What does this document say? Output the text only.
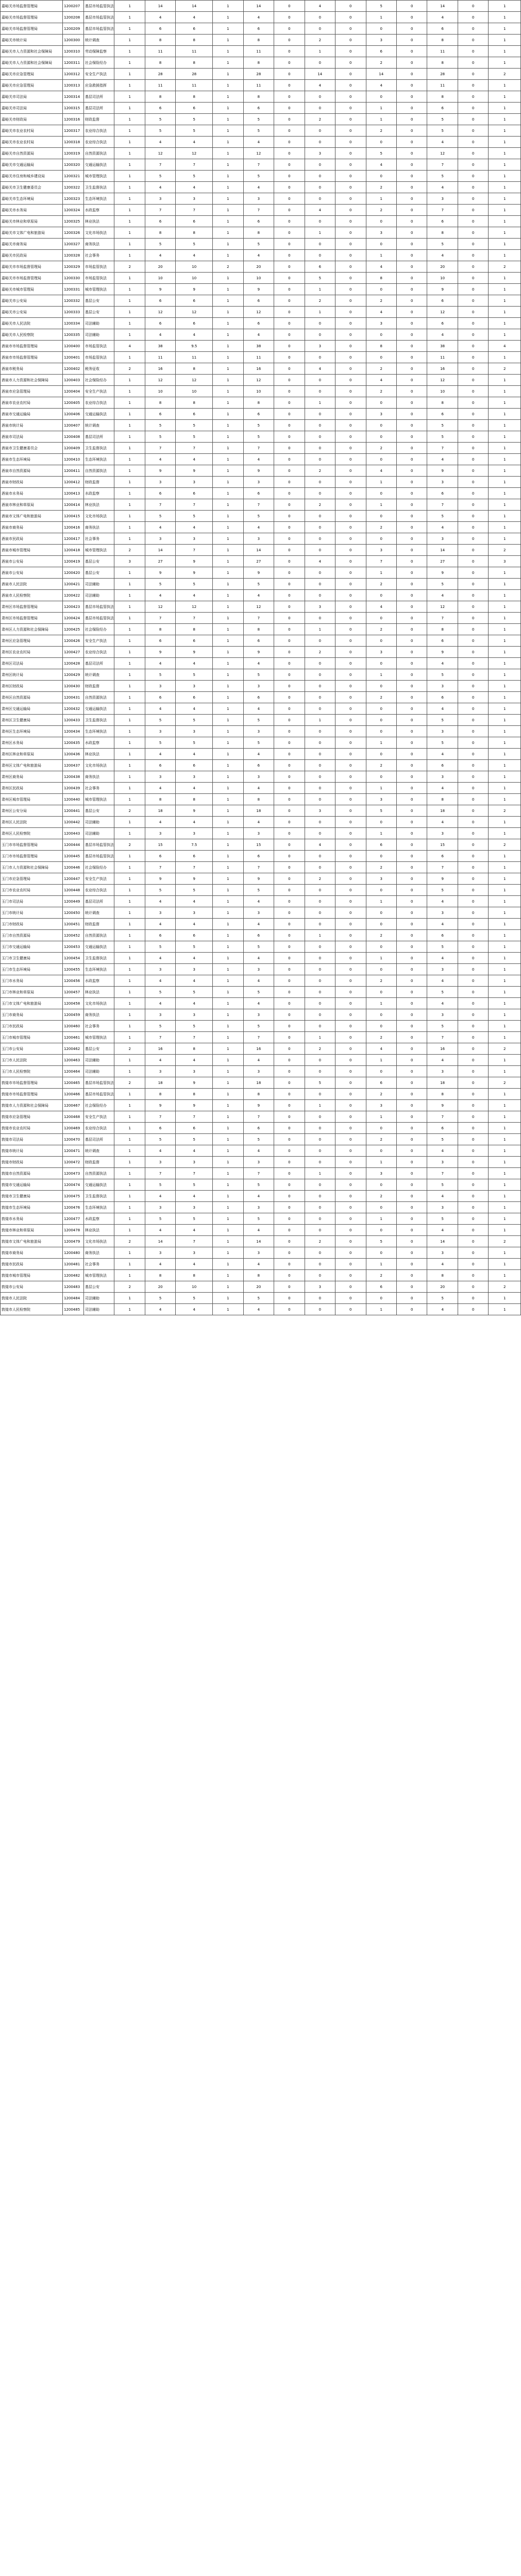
嘉峪关市场监督管理局	1200207	基层市场监管执法	1	14	14	1	14	0	4	0	5	0	14	0	1
嘉峪关市场监督管理局	1200208	基层市场监管执法	1	4	4	1	4	0	0	0	1	0	4	0	1
嘉峪关市场监督管理局	1200209	基层市场监管执法	1	6	6	1	6	0	0	0	0	0	6	0	1
嘉峪关市统计局	1200300	统计调查	1	8	8	1	8	0	2	0	3	0	8	0	1
嘉峪关市人力资源和社会保障局	1200310	劳动保障监察	1	11	11	1	11	0	1	0	6	0	11	0	1
嘉峪关市人力资源和社会保障局	1200311	社会保险经办	1	8	8	1	8	0	0	0	2	0	8	0	1
嘉峪关市应急管理局	1200312	安全生产执法	1	28	28	1	28	0	14	0	14	0	28	0	2
嘉峪关市应急管理局	1200313	应急救援指挥	1	11	11	1	11	0	4	0	4	0	11	0	1
嘉峪关市司法局	1200314	基层司法所	1	8	8	1	8	0	0	0	0	0	8	0	1
嘉峪关市司法局	1200315	基层司法所	1	6	6	1	6	0	0	0	1	0	6	0	1
嘉峪关市财政局	1200316	财政监督	1	5	5	1	5	0	2	0	1	0	5	0	1
嘉峪关市农业农村局	1200317	农业综合执法	1	5	5	1	5	0	0	0	2	0	5	0	1
嘉峪关市农业农村局	1200318	农业综合执法	1	4	4	1	4	0	0	0	0	0	4	0	1
嘉峪关市自然资源局	1200319	自然资源执法	1	12	12	1	12	0	3	0	5	0	12	0	1
嘉峪关市交通运输局	1200320	交通运输执法	1	7	7	1	7	0	0	0	4	0	7	0	1
嘉峪关市住房和城乡建设局	1200321	城市管理执法	1	5	5	1	5	0	0	0	0	0	5	0	1
嘉峪关市卫生健康委员会	1200322	卫生监督执法	1	4	4	1	4	0	0	0	2	0	4	0	1
嘉峪关市生态环境局	1200323	生态环境执法	1	3	3	1	3	0	0	0	1	0	3	0	1
嘉峪关市水务局	1200324	水政监察	1	7	7	1	7	0	4	0	2	0	7	0	1
嘉峪关市林业和草原局	1200325	林业执法	1	6	6	1	6	0	0	0	0	0	6	0	1
嘉峪关市文体广电和旅游局	1200326	文化市场执法	1	8	8	1	8	0	1	0	3	0	8	0	1
嘉峪关市商务局	1200327	商务执法	1	5	5	1	5	0	0	0	0	0	5	0	1
嘉峪关市民政局	1200328	社会事务	1	4	4	1	4	0	0	0	1	0	4	0	1
嘉峪关市市场监督管理局	1200329	市场监管执法	2	20	10	2	20	0	6	0	4	0	20	0	2
嘉峪关市市场监督管理局	1200330	市场监管执法	1	10	10	1	10	0	5	0	8	0	10	0	1
嘉峪关市城市管理局	1200331	城市管理执法	1	9	9	1	9	0	1	0	0	0	9	0	1
嘉峪关市公安局	1200332	基层公安	1	6	6	1	6	0	2	0	2	0	6	0	1
嘉峪关市公安局	1200333	基层公安	1	12	12	1	12	0	1	0	4	0	12	0	1
嘉峪关市人民法院	1200334	司法辅助	1	6	6	1	6	0	0	0	3	0	6	0	1
嘉峪关市人民检察院	1200335	司法辅助	1	4	4	1	4	0	0	0	0	0	4	0	1
酒泉市市场监督管理局	1200400	市场监管执法	4	38	9.5	1	38	0	3	0	8	0	38	0	4
酒泉市市场监督管理局	1200401	市场监管执法	1	11	11	1	11	0	0	0	0	0	11	0	1
酒泉市税务局	1200402	税务征收	2	16	8	1	16	0	4	0	2	0	16	0	2
酒泉市人力资源和社会保障局	1200403	社会保险经办	1	12	12	1	12	0	0	0	4	0	12	0	1
酒泉市应急管理局	1200404	安全生产执法	1	10	10	1	10	0	0	0	2	0	10	0	1
酒泉市农业农村局	1200405	农业综合执法	1	8	8	1	8	0	1	0	0	0	8	0	1
酒泉市交通运输局	1200406	交通运输执法	1	6	6	1	6	0	0	0	3	0	6	0	1
酒泉市统计局	1200407	统计调查	1	5	5	1	5	0	0	0	0	0	5	0	1
酒泉市司法局	1200408	基层司法所	1	5	5	1	5	0	0	0	0	0	5	0	1
酒泉市卫生健康委员会	1200409	卫生监督执法	1	7	7	1	7	0	0	0	2	0	7	0	1
酒泉市生态环境局	1200410	生态环境执法	1	4	4	1	4	0	0	0	0	0	4	0	1
酒泉市自然资源局	1200411	自然资源执法	1	9	9	1	9	0	2	0	4	0	9	0	1
酒泉市财政局	1200412	财政监督	1	3	3	1	3	0	0	0	1	0	3	0	1
酒泉市水务局	1200413	水政监察	1	6	6	1	6	0	0	0	0	0	6	0	1
酒泉市林业和草原局	1200414	林业执法	1	7	7	1	7	0	2	0	1	0	7	0	1
酒泉市文体广电和旅游局	1200415	文化市场执法	1	5	5	1	5	0	0	0	0	0	5	0	1
酒泉市商务局	1200416	商务执法	1	4	4	1	4	0	0	0	2	0	4	0	1
酒泉市民政局	1200417	社会事务	1	3	3	1	3	0	0	0	0	0	3	0	1
酒泉市城市管理局	1200418	城市管理执法	2	14	7	1	14	0	0	0	3	0	14	0	2
酒泉市公安局	1200419	基层公安	3	27	9	1	27	0	4	0	7	0	27	0	3
酒泉市公安局	1200420	基层公安	1	9	9	1	9	0	0	0	1	0	9	0	1
酒泉市人民法院	1200421	司法辅助	1	5	5	1	5	0	0	0	2	0	5	0	1
酒泉市人民检察院	1200422	司法辅助	1	4	4	1	4	0	0	0	0	0	4	0	1
肃州区市场监督管理局	1200423	基层市场监管执法	1	12	12	1	12	0	3	0	4	0	12	0	1
肃州区市场监督管理局	1200424	基层市场监管执法	1	7	7	1	7	0	0	0	0	0	7	0	1
肃州区人力资源和社会保障局	1200425	社会保险经办	1	8	8	1	8	0	1	0	2	0	8	0	1
肃州区应急管理局	1200426	安全生产执法	1	6	6	1	6	0	0	0	0	0	6	0	1
肃州区农业农村局	1200427	农业综合执法	1	9	9	1	9	0	2	0	3	0	9	0	1
肃州区司法局	1200428	基层司法所	1	4	4	1	4	0	0	0	0	0	4	0	1
肃州区统计局	1200429	统计调查	1	5	5	1	5	0	0	0	1	0	5	0	1
肃州区财政局	1200430	财政监督	1	3	3	1	3	0	0	0	0	0	3	0	1
肃州区自然资源局	1200431	自然资源执法	1	6	6	1	6	0	0	0	2	0	6	0	1
肃州区交通运输局	1200432	交通运输执法	1	4	4	1	4	0	0	0	0	0	4	0	1
肃州区卫生健康局	1200433	卫生监督执法	1	5	5	1	5	0	1	0	0	0	5	0	1
肃州区生态环境局	1200434	生态环境执法	1	3	3	1	3	0	0	0	0	0	3	0	1
肃州区水务局	1200435	水政监察	1	5	5	1	5	0	0	0	1	0	5	0	1
肃州区林业和草原局	1200436	林业执法	1	4	4	1	4	0	0	0	0	0	4	0	1
肃州区文体广电和旅游局	1200437	文化市场执法	1	6	6	1	6	0	0	0	2	0	6	0	1
肃州区商务局	1200438	商务执法	1	3	3	1	3	0	0	0	0	0	3	0	1
肃州区民政局	1200439	社会事务	1	4	4	1	4	0	0	0	1	0	4	0	1
肃州区城市管理局	1200440	城市管理执法	1	8	8	1	8	0	0	0	3	0	8	0	1
肃州区公安分局	1200441	基层公安	2	18	9	1	18	0	3	0	5	0	18	0	2
肃州区人民法院	1200442	司法辅助	1	4	4	1	4	0	0	0	0	0	4	0	1
肃州区人民检察院	1200443	司法辅助	1	3	3	1	3	0	0	0	1	0	3	0	1
玉门市市场监督管理局	1200444	基层市场监管执法	2	15	7.5	1	15	0	4	0	6	0	15	0	2
玉门市市场监督管理局	1200445	基层市场监管执法	1	6	6	1	6	0	0	0	0	0	6	0	1
玉门市人力资源和社会保障局	1200446	社会保险经办	1	7	7	1	7	0	0	0	2	0	7	0	1
玉门市应急管理局	1200447	安全生产执法	1	9	9	1	9	0	2	0	3	0	9	0	1
玉门市农业农村局	1200448	农业综合执法	1	5	5	1	5	0	0	0	0	0	5	0	1
玉门市司法局	1200449	基层司法所	1	4	4	1	4	0	0	0	1	0	4	0	1
玉门市统计局	1200450	统计调查	1	3	3	1	3	0	0	0	0	0	3	0	1
玉门市财政局	1200451	财政监督	1	4	4	1	4	0	0	0	0	0	4	0	1
玉门市自然资源局	1200452	自然资源执法	1	6	6	1	6	0	1	0	2	0	6	0	1
玉门市交通运输局	1200453	交通运输执法	1	5	5	1	5	0	0	0	0	0	5	0	1
玉门市卫生健康局	1200454	卫生监督执法	1	4	4	1	4	0	0	0	1	0	4	0	1
玉门市生态环境局	1200455	生态环境执法	1	3	3	1	3	0	0	0	0	0	3	0	1
玉门市水务局	1200456	水政监察	1	4	4	1	4	0	0	0	2	0	4	0	1
玉门市林业和草原局	1200457	林业执法	1	5	5	1	5	0	0	0	0	0	5	0	1
玉门市文体广电和旅游局	1200458	文化市场执法	1	4	4	1	4	0	0	0	1	0	4	0	1
玉门市商务局	1200459	商务执法	1	3	3	1	3	0	0	0	0	0	3	0	1
玉门市民政局	1200460	社会事务	1	5	5	1	5	0	0	0	0	0	5	0	1
玉门市城市管理局	1200461	城市管理执法	1	7	7	1	7	0	1	0	2	0	7	0	1
玉门市公安局	1200462	基层公安	2	16	8	1	16	0	2	0	4	0	16	0	2
玉门市人民法院	1200463	司法辅助	1	4	4	1	4	0	0	0	1	0	4	0	1
玉门市人民检察院	1200464	司法辅助	1	3	3	1	3	0	0	0	0	0	3	0	1
敦煌市市场监督管理局	1200465	基层市场监管执法	2	18	9	1	18	0	5	0	6	0	18	0	2
敦煌市市场监督管理局	1200466	基层市场监管执法	1	8	8	1	8	0	0	0	2	0	8	0	1
敦煌市人力资源和社会保障局	1200467	社会保险经办	1	9	9	1	9	0	1	0	3	0	9	0	1
敦煌市应急管理局	1200468	安全生产执法	1	7	7	1	7	0	0	0	1	0	7	0	1
敦煌市农业农村局	1200469	农业综合执法	1	6	6	1	6	0	0	0	0	0	6	0	1
敦煌市司法局	1200470	基层司法所	1	5	5	1	5	0	0	0	2	0	5	0	1
敦煌市统计局	1200471	统计调查	1	4	4	1	4	0	0	0	0	0	4	0	1
敦煌市财政局	1200472	财政监督	1	3	3	1	3	0	0	0	1	0	3	0	1
敦煌市自然资源局	1200473	自然资源执法	1	7	7	1	7	0	1	0	3	0	7	0	1
敦煌市交通运输局	1200474	交通运输执法	1	5	5	1	5	0	0	0	0	0	5	0	1
敦煌市卫生健康局	1200475	卫生监督执法	1	4	4	1	4	0	0	0	2	0	4	0	1
敦煌市生态环境局	1200476	生态环境执法	1	3	3	1	3	0	0	0	0	0	3	0	1
敦煌市水务局	1200477	水政监察	1	5	5	1	5	0	0	0	1	0	5	0	1
敦煌市林业和草原局	1200478	林业执法	1	4	4	1	4	0	0	0	0	0	4	0	1
敦煌市文体广电和旅游局	1200479	文化市场执法	2	14	7	1	14	0	2	0	5	0	14	0	2
敦煌市商务局	1200480	商务执法	1	3	3	1	3	0	0	0	0	0	3	0	1
敦煌市民政局	1200481	社会事务	1	4	4	1	4	0	0	0	1	0	4	0	1
敦煌市城市管理局	1200482	城市管理执法	1	8	8	1	8	0	0	0	2	0	8	0	1
敦煌市公安局	1200483	基层公安	2	20	10	1	20	0	3	0	6	0	20	0	2
敦煌市人民法院	1200484	司法辅助	1	5	5	1	5	0	0	0	0	0	5	0	1
敦煌市人民检察院	1200485	司法辅助	1	4	4	1	4	0	0	0	1	0	4	0	1
